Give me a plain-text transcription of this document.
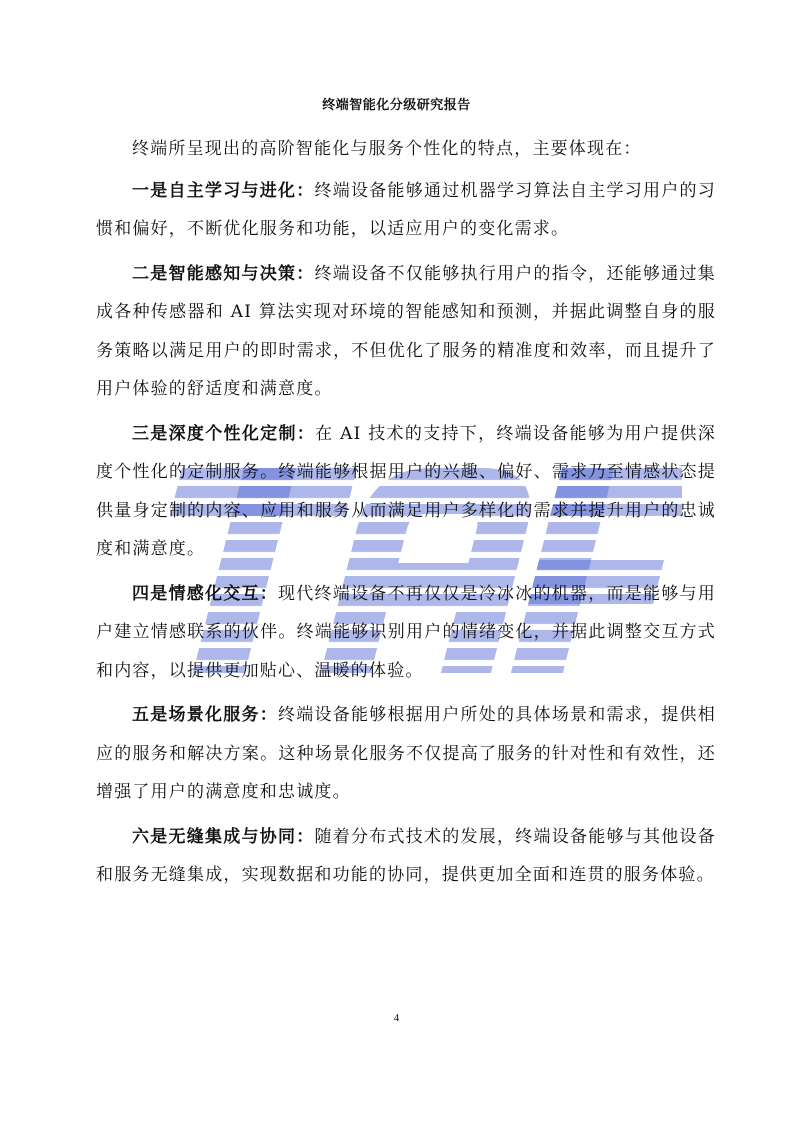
终端智能化分级研究报告

终端所呈现出的高阶智能化与服务个性化的特点，主要体现在：

一是自主学习与进化：终端设备能够通过机器学习算法自主学习用户的习惯和偏好，不断优化服务和功能，以适应用户的变化需求。

二是智能感知与决策：终端设备不仅能够执行用户的指令，还能够通过集成各种传感器和 AI 算法实现对环境的智能感知和预测，并据此调整自身的服务策略以满足用户的即时需求，不但优化了服务的精准度和效率，而且提升了用户体验的舒适度和满意度。

三是深度个性化定制：在 AI 技术的支持下，终端设备能够为用户提供深度个性化的定制服务。终端能够根据用户的兴趣、偏好、需求乃至情感状态提供量身定制的内容、应用和服务从而满足用户多样化的需求并提升用户的忠诚度和满意度。

四是情感化交互：现代终端设备不再仅仅是冷冰冰的机器，而是能够与用户建立情感联系的伙伴。终端能够识别用户的情绪变化，并据此调整交互方式和内容，以提供更加贴心、温暖的体验。

五是场景化服务：终端设备能够根据用户所处的具体场景和需求，提供相应的服务和解决方案。这种场景化服务不仅提高了服务的针对性和有效性，还增强了用户的满意度和忠诚度。

六是无缝集成与协同：随着分布式技术的发展，终端设备能够与其他设备和服务无缝集成，实现数据和功能的协同，提供更加全面和连贯的服务体验。

4
